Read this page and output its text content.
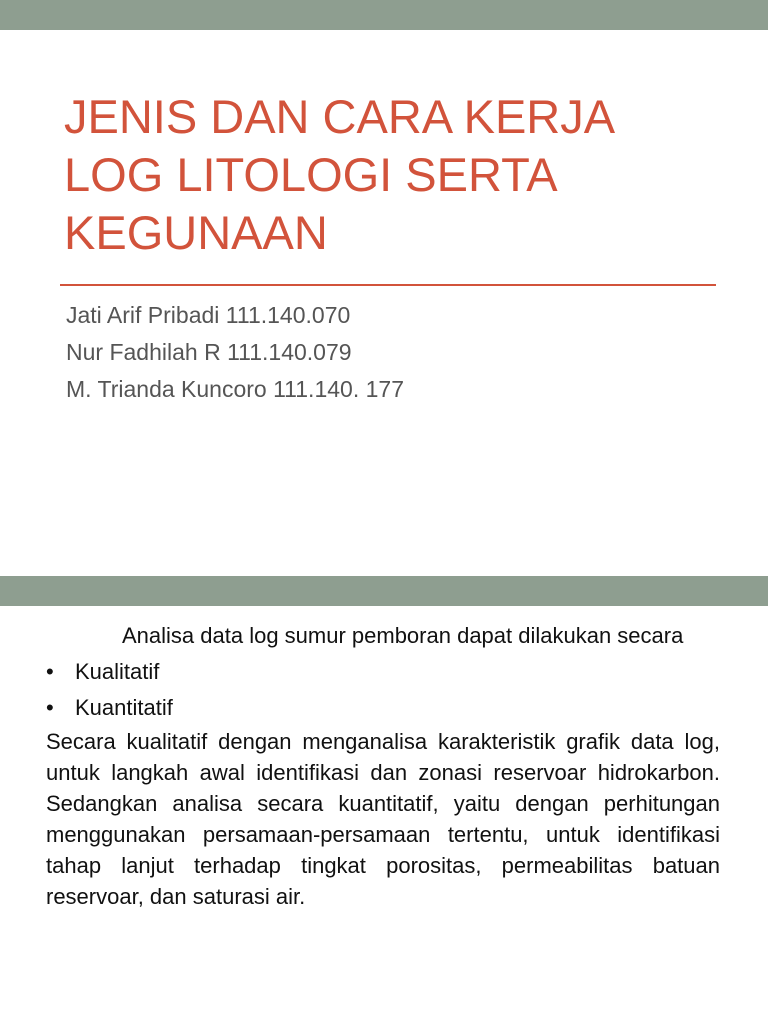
JENIS DAN CARA KERJA
LOG LITOLOGI SERTA
KEGUNAAN
Jati Arif Pribadi 111.140.070
Nur Fadhilah R 111.140.079
M. Trianda Kuncoro 111.140. 177

Analisa data log sumur pemboran dapat dilakukan secara

• Kualitatif
• Kuantitatif

Secara kualitatif dengan menganalisa karakteristik grafik data log, untuk langkah awal identifikasi dan zonasi reservoar hidrokarbon. Sedangkan analisa secara kuantitatif, yaitu dengan perhitungan menggunakan persamaan-persamaan tertentu, untuk identifikasi tahap lanjut terhadap tingkat porositas, permeabilitas batuan reservoar, dan saturasi air.
